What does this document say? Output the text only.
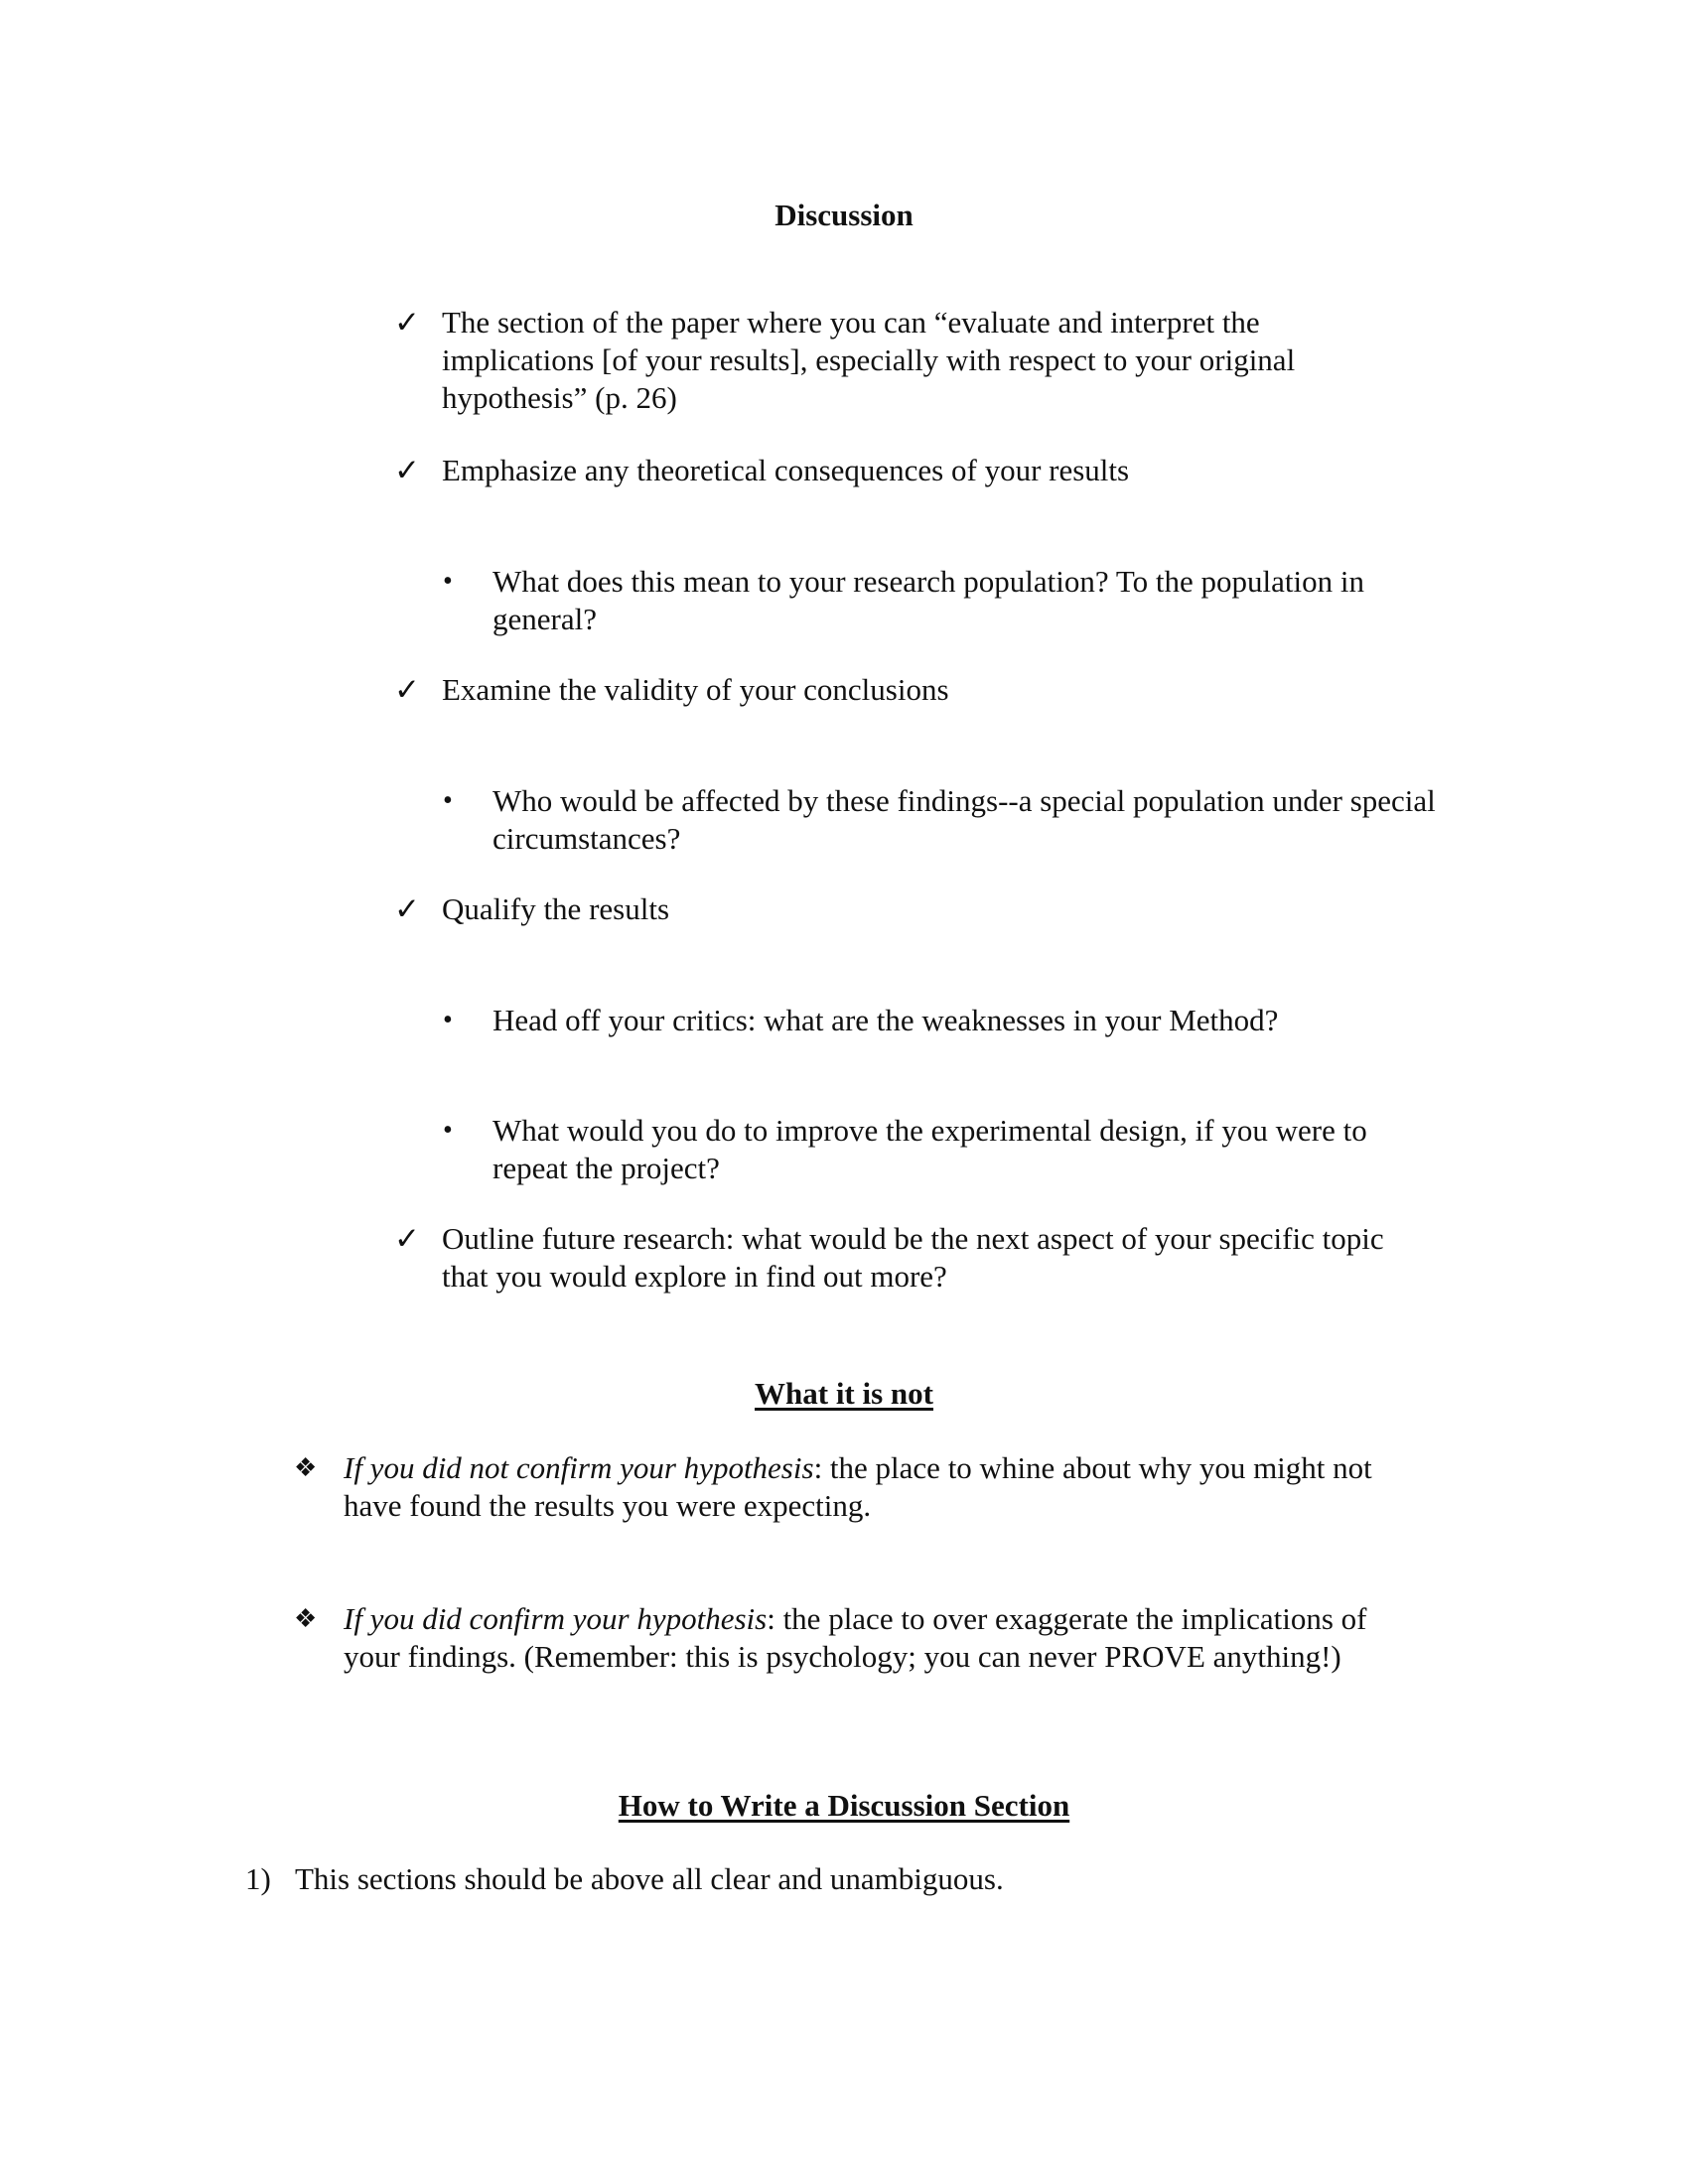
Discussion
✓ The section of the paper where you can “evaluate and interpret the implications [of your results], especially with respect to your original hypothesis” (p. 26)
✓ Emphasize any theoretical consequences of your results
• What does this mean to your research population? To the population in general?
✓ Examine the validity of your conclusions
• Who would be affected by these findings--a special population under special circumstances?
✓ Qualify the results
• Head off your critics: what are the weaknesses in your Method?
• What would you do to improve the experimental design, if you were to repeat the project?
✓ Outline future research: what would be the next aspect of your specific topic that you would explore in find out more?
What it is not
❖ If you did not confirm your hypothesis: the place to whine about why you might not have found the results you were expecting.
❖ If you did confirm your hypothesis: the place to over exaggerate the implications of your findings. (Remember: this is psychology; you can never PROVE anything!)
How to Write a Discussion Section
1) This sections should be above all clear and unambiguous.
